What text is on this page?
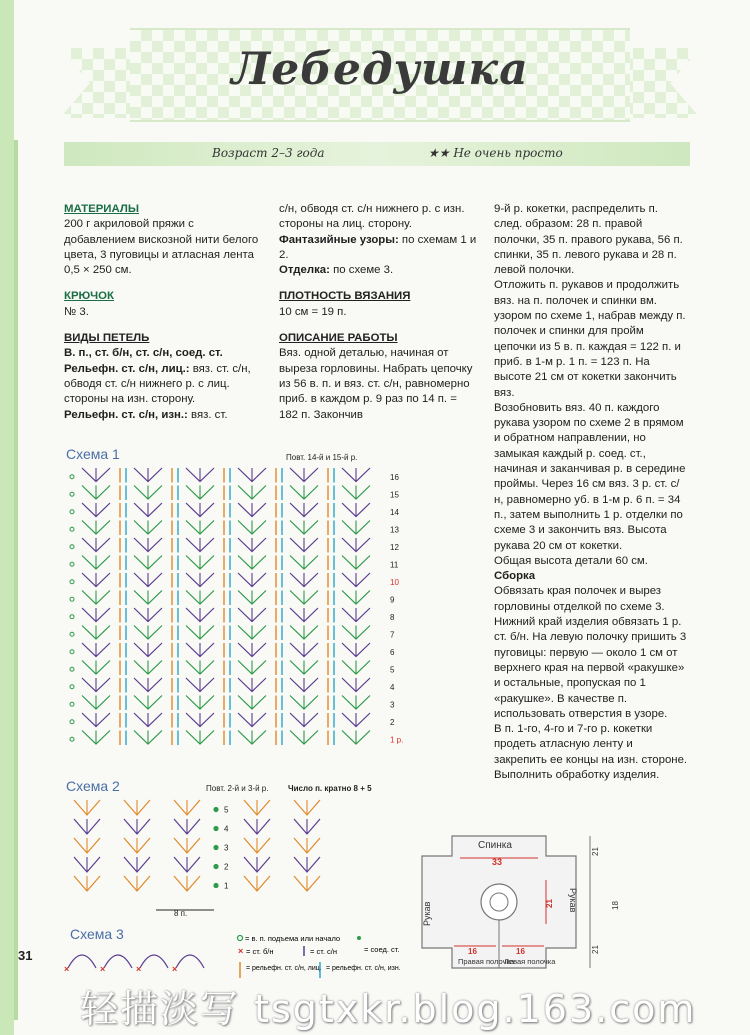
Лебедушка
Возраст 2–3 года	★★ Не очень просто

МАТЕРИАЛЫ

200 г акриловой пряжи с добавлением вискозной нити белого цвета, 3 пуговицы и атласная лента 0,5 × 250 см.

КРЮЧОК

№ 3.

ВИДЫ ПЕТЕЛЬ

В. п., ст. б/н, ст. с/н, соед. ст.

Рельефн. ст. с/н, лиц.: вяз. ст. с/н, обводя ст. с/н нижнего р. с лиц. стороны на изн. сторону.

Рельефн. ст. с/н, изн.: вяз. ст.

с/н, обводя ст. с/н нижнего р. с изн. стороны на лиц. сторону.

Фантазийные узоры: по схемам 1 и 2.

Отделка: по схеме 3.

ПЛОТНОСТЬ ВЯЗАНИЯ

10 см = 19 п.

ОПИСАНИЕ РАБОТЫ

Вяз. одной деталью, начиная от выреза горловины. Набрать цепочку из 56 в. п. и вяз. ст. с/н, равномерно приб. в каждом р. 9 раз по 14 п. = 182 п. Закончив

9-й р. кокетки, распределить п. след. образом: 28 п. правой полочки, 35 п. правого рукава, 56 п. спинки, 35 п. левого рукава и 28 п. левой полочки.

Отложить п. рукавов и продолжить вяз. на п. полочек и спинки вм. узором по схеме 1, набрав между п. полочек и спинки для пройм цепочки из 5 в. п. каждая = 122 п. и приб. в 1-м р. 1 п. = 123 п. На высоте 21 см от кокетки закончить вяз.

Возобновить вяз. 40 п. каждого рукава узором по схеме 2 в прямом и обратном направлении, но замыкая каждый р. соед. ст., начиная и заканчивая р. в середине проймы. Через 16 см вяз. 3 р. ст. с/н, равномерно уб. в 1-м р. 6 п. = 34 п., затем выполнить 1 р. отделки по схеме 3 и закончить вяз. Высота рукава 20 см от кокетки.

Общая высота детали 60 см.

Сборка

Обвязать края полочек и вырез горловины отделкой по схеме 3. Нижний край изделия обвязать 1 р. ст. б/н. На левую полочку пришить 3 пуговицы: первую — около 1 см от верхнего края на первой «ракушке» и остальные, пропуская по 1 «ракушке». В качестве п. использовать отверстия в узоре.

В п. 1-го, 4-го и 7-го р. кокетки продеть атласную ленту и закрепить ее концы на изн. стороне. Выполнить обработку изделия.

Схема 1	Повт. 14-й и 15-й р.
16
15
14
13
12
11
10
9
8
7
6
5
4
3
2
1 р.
Схема 2	Повт. 2-й и 3-й р. Число п. кратно 8 + 5
5
4
3
2
1
8 п.
Схема 3
×	×	×	×
= в. п. подъема или начало
= соед. ст.
× = ст. б/н	= ст. с/н
= рельефн. ст. с/н, лиц. = рельефн. ст. с/н, изн.
Спинка
33
Рукав
Рукав
16	16
Правая полочка
Левая полочка
21
21
18
21
31
轻描淡写 tsgtxkr.blog.163.com
